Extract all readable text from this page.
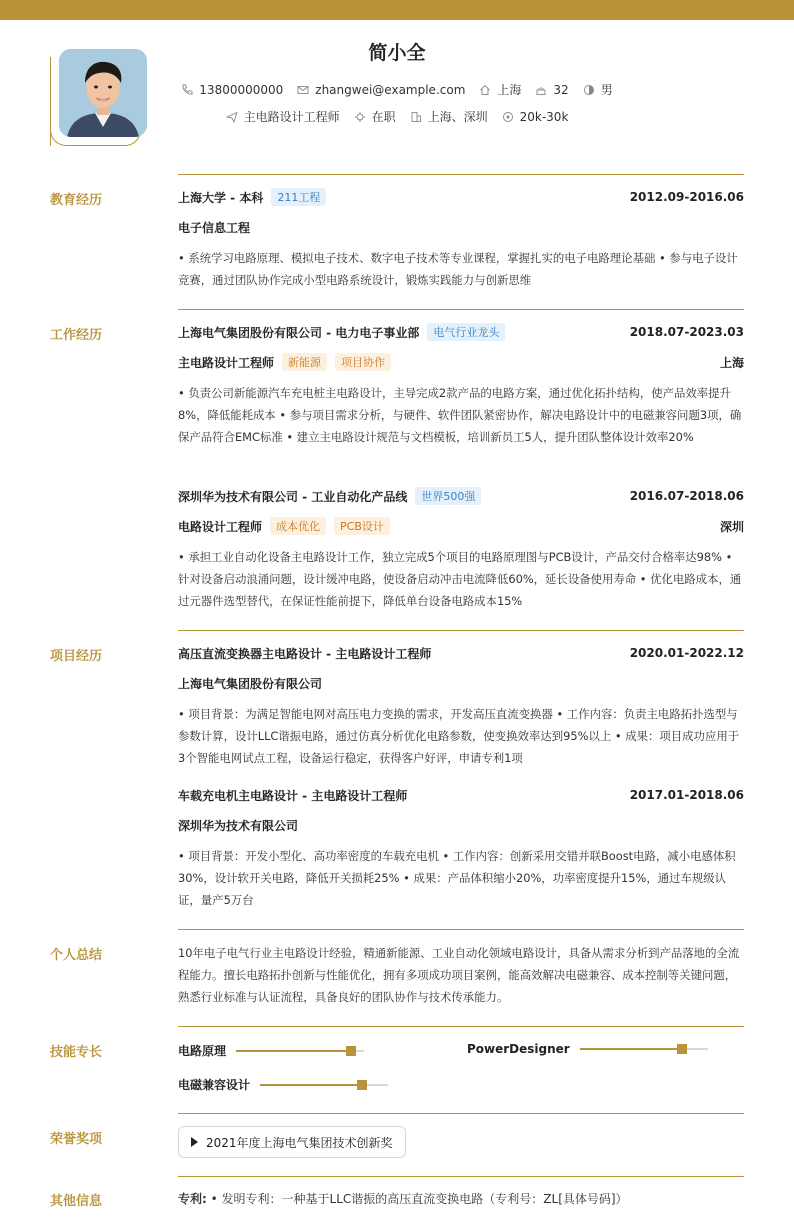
简小全
13800000000	zhangwei@example.com	上海	32	男
主电路设计工程师	在职	上海、深圳	20k-30k
教育经历	上海大学 - 本科	211工程	2012.09-2016.06
电子信息工程
• 系统学习电路原理、模拟电子技术、数字电子技术等专业课程，掌握扎实的电子电路理论基础 • 参与电子设计竞赛，通过团队协作完成小型电路系统设计，锻炼实践能力与创新思维
工作经历	上海电气集团股份有限公司 - 电力电子事业部	电气行业龙头	2018.07-2023.03
主电路设计工程师	新能源	项目协作	上海
• 负责公司新能源汽车充电桩主电路设计，主导完成2款产品的电路方案，通过优化拓扑结构，使产品效率提升8%，降低能耗成本 • 参与项目需求分析，与硬件、软件团队紧密协作，解决电路设计中的电磁兼容问题3项，确保产品符合EMC标准 • 建立主电路设计规范与文档模板，培训新员工5人，提升团队整体设计效率20%
深圳华为技术有限公司 - 工业自动化产品线	世界500强	2016.07-2018.06
电路设计工程师	成本优化	PCB设计	深圳
• 承担工业自动化设备主电路设计工作，独立完成5个项目的电路原理图与PCB设计，产品交付合格率达98% • 针对设备启动浪涌问题，设计缓冲电路，使设备启动冲击电流降低60%，延长设备使用寿命 • 优化电路成本，通过元器件选型替代，在保证性能前提下，降低单台设备电路成本15%
项目经历	高压直流变换器主电路设计 - 主电路设计工程师	2020.01-2022.12
上海电气集团股份有限公司
• 项目背景：为满足智能电网对高压电力变换的需求，开发高压直流变换器 • 工作内容：负责主电路拓扑选型与参数计算，设计LLC谐振电路，通过仿真分析优化电路参数，使变换效率达到95%以上 • 成果：项目成功应用于3个智能电网试点工程，设备运行稳定，获得客户好评，申请专利1项
车载充电机主电路设计 - 主电路设计工程师	2017.01-2018.06
深圳华为技术有限公司
• 项目背景：开发小型化、高功率密度的车载充电机 • 工作内容：创新采用交错并联Boost电路，减小电感体积30%，设计软开关电路，降低开关损耗25% • 成果：产品体积缩小20%，功率密度提升15%，通过车规级认证，量产5万台
个人总结	10年电子电气行业主电路设计经验，精通新能源、工业自动化领域电路设计，具备从需求分析到产品落地的全流程能力。擅长电路拓扑创新与性能优化，拥有多项成功项目案例，能高效解决电磁兼容、成本控制等关键问题，熟悉行业标准与认证流程，具备良好的团队协作与技术传承能力。
技能专长	电路原理	PowerDesigner
电磁兼容设计
荣誉奖项	2021年度上海电气集团技术创新奖
其他信息	专利: • 发明专利：一种基于LLC谐振的高压直流变换电路（专利号：ZL[具体号码]）
